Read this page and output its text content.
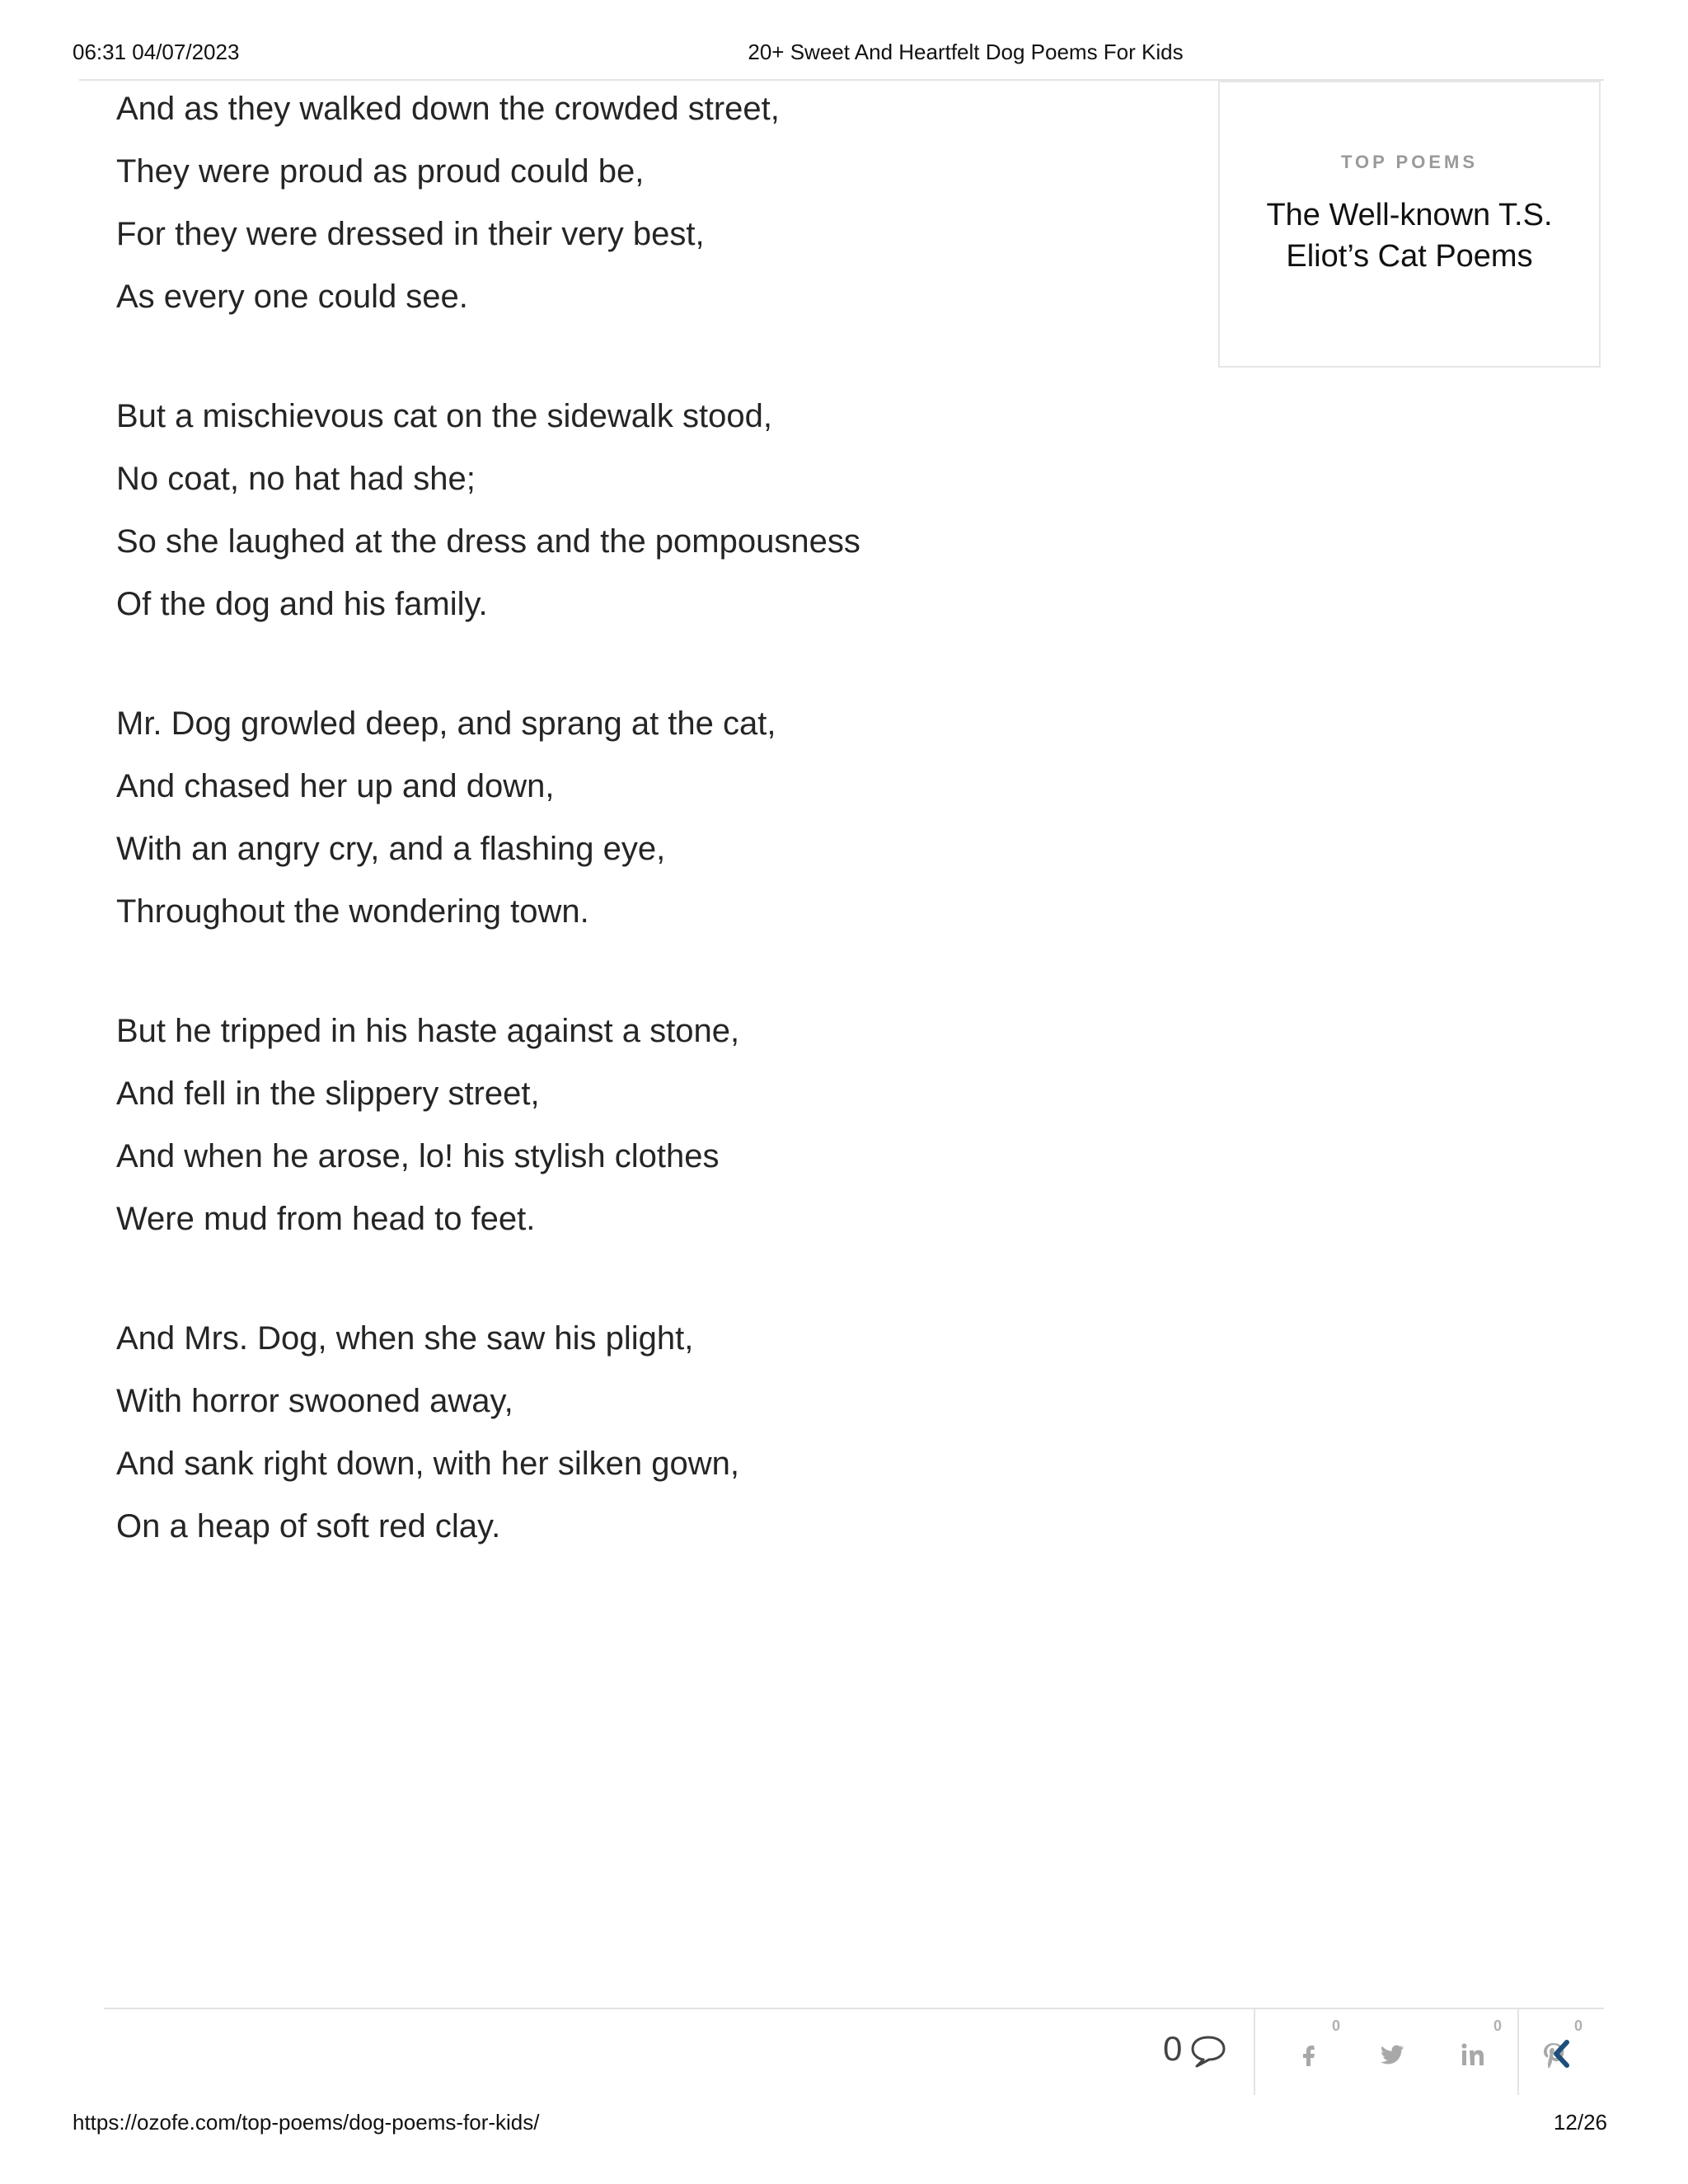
06:31 04/07/2023	20+ Sweet And Heartfelt Dog Poems For Kids
And as they walked down the crowded street,
They were proud as proud could be,
For they were dressed in their very best,
As every one could see.
But a mischievous cat on the sidewalk stood,
No coat, no hat had she;
So she laughed at the dress and the pompousness
Of the dog and his family.
Mr. Dog growled deep, and sprang at the cat,
And chased her up and down,
With an angry cry, and a flashing eye,
Throughout the wondering town.
But he tripped in his haste against a stone,
And fell in the slippery street,
And when he arose, lo! his stylish clothes
Were mud from head to feet.
And Mrs. Dog, when she saw his plight,
With horror swooned away,
And sank right down, with her silken gown,
On a heap of soft red clay.
TOP POEMS
The Well-known T.S. Eliot’s Cat Poems
0
0	0	0
https://ozofe.com/top-poems/dog-poems-for-kids/	12/26
